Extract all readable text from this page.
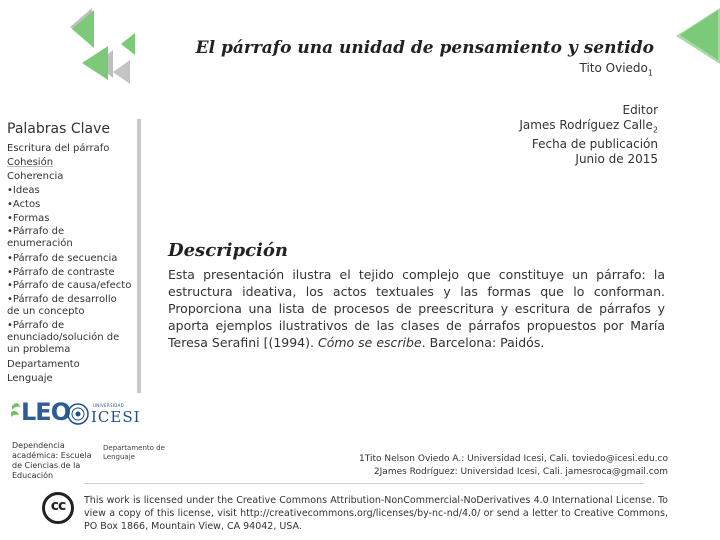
El párrafo una unidad de pensamiento y sentido
Tito Oviedo$_1$
Editor
James Rodríguez Calle$_2$
Fecha de publicación
Junio de 2015
Palabras Clave
Escritura del párrafo
Cohesión
Coherencia
•Ideas
•Actos
•Formas
•Párrafo de enumeración
•Párrafo de secuencia
•Párrafo de contraste
•Párrafo de causa/efecto
•Párrafo de desarrollo de un concepto
•Párrafo de enunciado/solución de un problema
Departamento
Lenguaje
LEO	UNIVERSIDAD
ICESI
Dependencia académica: Escuela de Ciencias de la Educación
Departamento de Lenguaje
Descripción
Esta presentación ilustra el tejido complejo que constituye un párrafo: la estructura ideativa, los actos textuales y las formas que lo conforman. Proporciona una lista de procesos de preescritura y escritura de párrafos y aporta ejemplos ilustrativos de las clases de párrafos propuestos por María Teresa Serafini [(1994). Cómo se escribe. Barcelona: Paidós.
1Tito Nelson Oviedo A.: Universidad Icesi, Cali. toviedo@icesi.edu.co
2James Rodríguez: Universidad Icesi, Cali. jamesroca@gmail.com
cc	This work is licensed under the Creative Commons Attribution-NonCommercial-NoDerivatives 4.0 International License. To view a copy of this license, visit http://creativecommons.org/licenses/by-nc-nd/4.0/ or send a letter to Creative Commons, PO Box 1866, Mountain View, CA 94042, USA.
